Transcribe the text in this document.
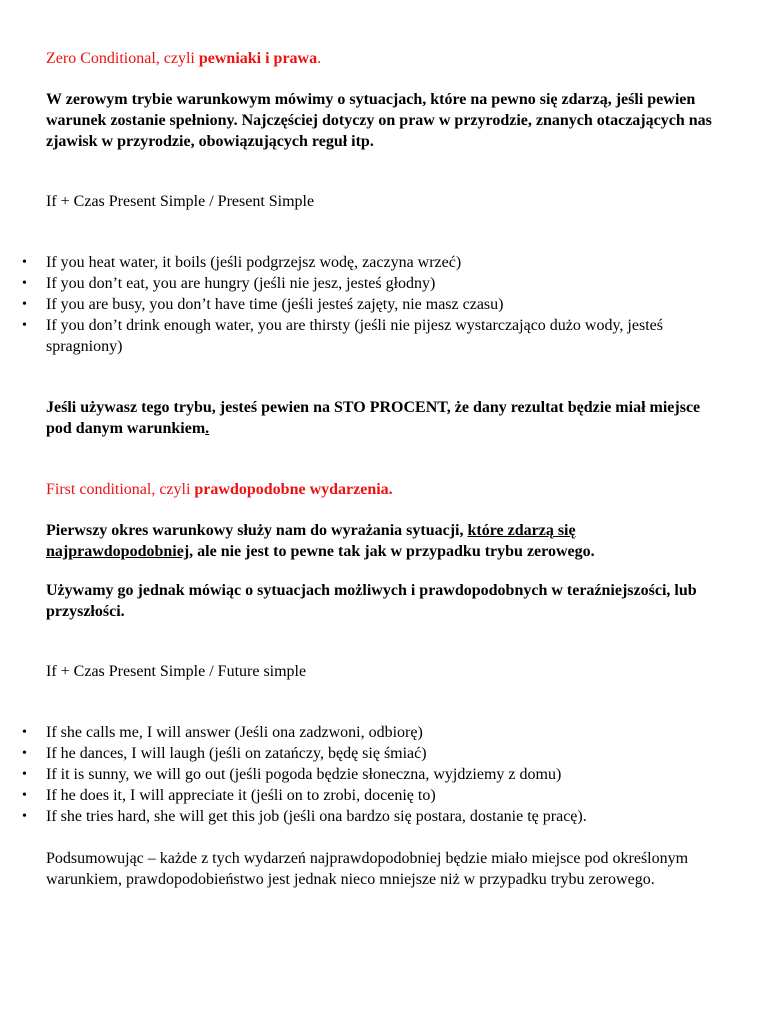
Zero Conditional, czyli pewniaki i prawa.

W zerowym trybie warunkowym mówimy o sytuacjach, które na pewno się zdarzą, jeśli pewien warunek zostanie spełniony. Najczęściej dotyczy on praw w przyrodzie, znanych otaczających nas zjawisk w przyrodzie, obowiązujących reguł itp.

If + Czas Present Simple / Present Simple

• If you heat water, it boils (jeśli podgrzejsz wodę, zaczyna wrzeć)
• If you don’t eat, you are hungry (jeśli nie jesz, jesteś głodny)
• If you are busy, you don’t have time (jeśli jesteś zajęty, nie masz czasu)
• If you don’t drink enough water, you are thirsty (jeśli nie pijesz wystarczająco dużo wody, jesteś spragniony)

Jeśli używasz tego trybu, jesteś pewien na STO PROCENT, że dany rezultat będzie miał miejsce pod danym warunkiem.

First conditional, czyli prawdopodobne wydarzenia.

Pierwszy okres warunkowy służy nam do wyrażania sytuacji, które zdarzą się najprawdopodobniej, ale nie jest to pewne tak jak w przypadku trybu zerowego.

Używamy go jednak mówiąc o sytuacjach możliwych i prawdopodobnych w teraźniejszości, lub przyszłości.

If + Czas Present Simple / Future simple

• If she calls me, I will answer (Jeśli ona zadzwoni, odbiorę)
• If he dances, I will laugh (jeśli on zatańczy, będę się śmiać)
• If it is sunny, we will go out (jeśli pogoda będzie słoneczna, wyjdziemy z domu)
• If he does it, I will appreciate it (jeśli on to zrobi, docenię to)
• If she tries hard, she will get this job (jeśli ona bardzo się postara, dostanie tę pracę).

Podsumowując – każde z tych wydarzeń najprawdopodobniej będzie miało miejsce pod określonym warunkiem, prawdopodobieństwo jest jednak nieco mniejsze niż w przypadku trybu zerowego.
